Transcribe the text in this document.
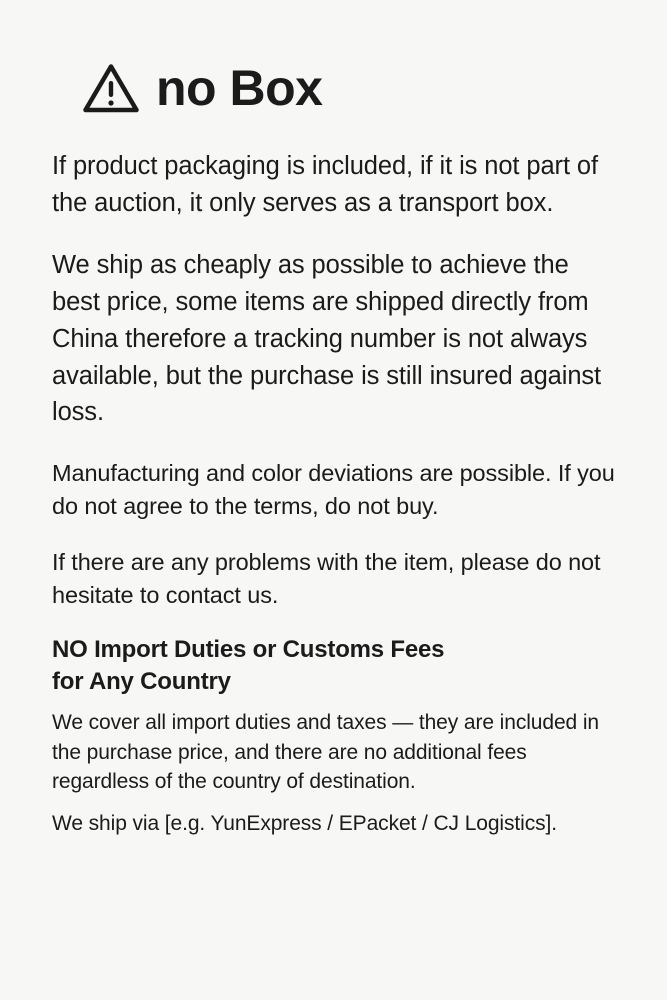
no Box

If product packaging is included, if it is not part of the auction, it only serves as a transport box.

We ship as cheaply as possible to achieve the best price, some items are shipped directly from China therefore a tracking number is not always available, but the purchase is still insured against loss.

Manufacturing and color deviations are possible. If you do not agree to the terms, do not buy.

If there are any problems with the item, please do not hesitate to contact us.

NO Import Duties or Customs Fees
for Any Country

We cover all import duties and taxes — they are included in the purchase price, and there are no additional fees regardless of the country of destination.

We ship via [e.g. YunExpress / EPacket / CJ Logistics].
